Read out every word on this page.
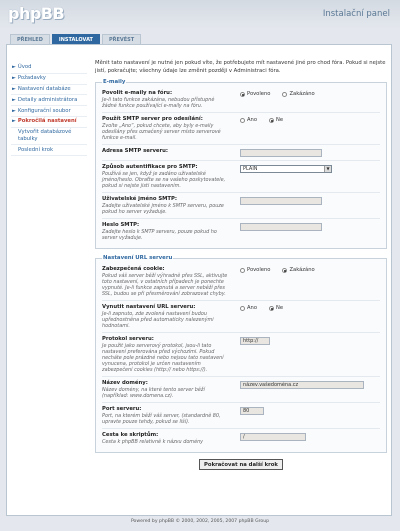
phpBB	Instalační panel
PŘEHLED	INSTALOVAT	PŘEVÉST
► Úvod
► Požadavky
► Nastavení databáze
► Detaily administrátora
► Konfigurační soubor
► Pokročilá nastavení
Vytvořit databázové tabulky
Poslední krok

Měnit tato nastavení je nutné jen pokud víte, že potřebujete mít nastavené jiné pro chod fóra. Pokud si nejste jistí, pokračujte; všechny údaje lze změnit později v Administraci fóra.

E-maily
Povolit e-maily na fóru:
Je-li tato funkce zakázána, nebudou přístupné žádné funkce používající e-maily na fóru.
Povoleno	Zakázáno
Použít SMTP server pro odesílání:
Zvolte „Ano“, pokud chcete, aby byly e-maily odesílány přes označený server místo serverové funkce e-mail.
Ano	Ne
Adresa SMTP serveru:
Způsob autentifikace pro SMTP:
Používá se jen, když je zadáno uživatelské jméno/heslo. Obraťte se na vašeho poskytovatele, pokud si nejste jisti nastavením.
PLAIN	▼
Uživatelské jméno SMTP:
Zadejte uživatelské jméno k SMTP serveru, pouze pokud ho server vyžaduje.
Heslo SMTP:
Zadejte heslo k SMTP serveru, pouze pokud ho server vyžaduje.
Nastavení URL serveru
Zabezpečená cookie:
Pokud váš server běží výhradně přes SSL, aktivujte toto nastavení, v ostatních případech je ponechte vypnuté. Je-li funkce zapnutá a server neběží přes SSL, budou se při přesměrování zobrazovat chyby.
Povoleno	Zakázáno
Vynutit nastavení URL serveru:
Je-li zapnuto, zde zvolená nastavení budou upřednostněna před automaticky nalezenými hodnotami.
Ano	Ne
Protokol serveru:
Je použit jako serverový protokol, jsou-li tato nastavení preferována před výchozími. Pokud necháte pole prázdné nebo nejsou tato nastavení vynucena, protokol je určen nastavením zabezpečení cookies (http:// nebo https://).
http://
Název domény:
Název domény, na které tento server běží (například: www.domena.cz).
název.vašedoména.cz
Port serveru:
Port, na kterém běží váš server, (standardně 80, upravte pouze tehdy, pokud se liší).
80
Cesta ke skriptům:
Cesta k phpBB relativně k názvu domény
/
Pokračovat na další krok
Powered by phpBB © 2000, 2002, 2005, 2007 phpBB Group
